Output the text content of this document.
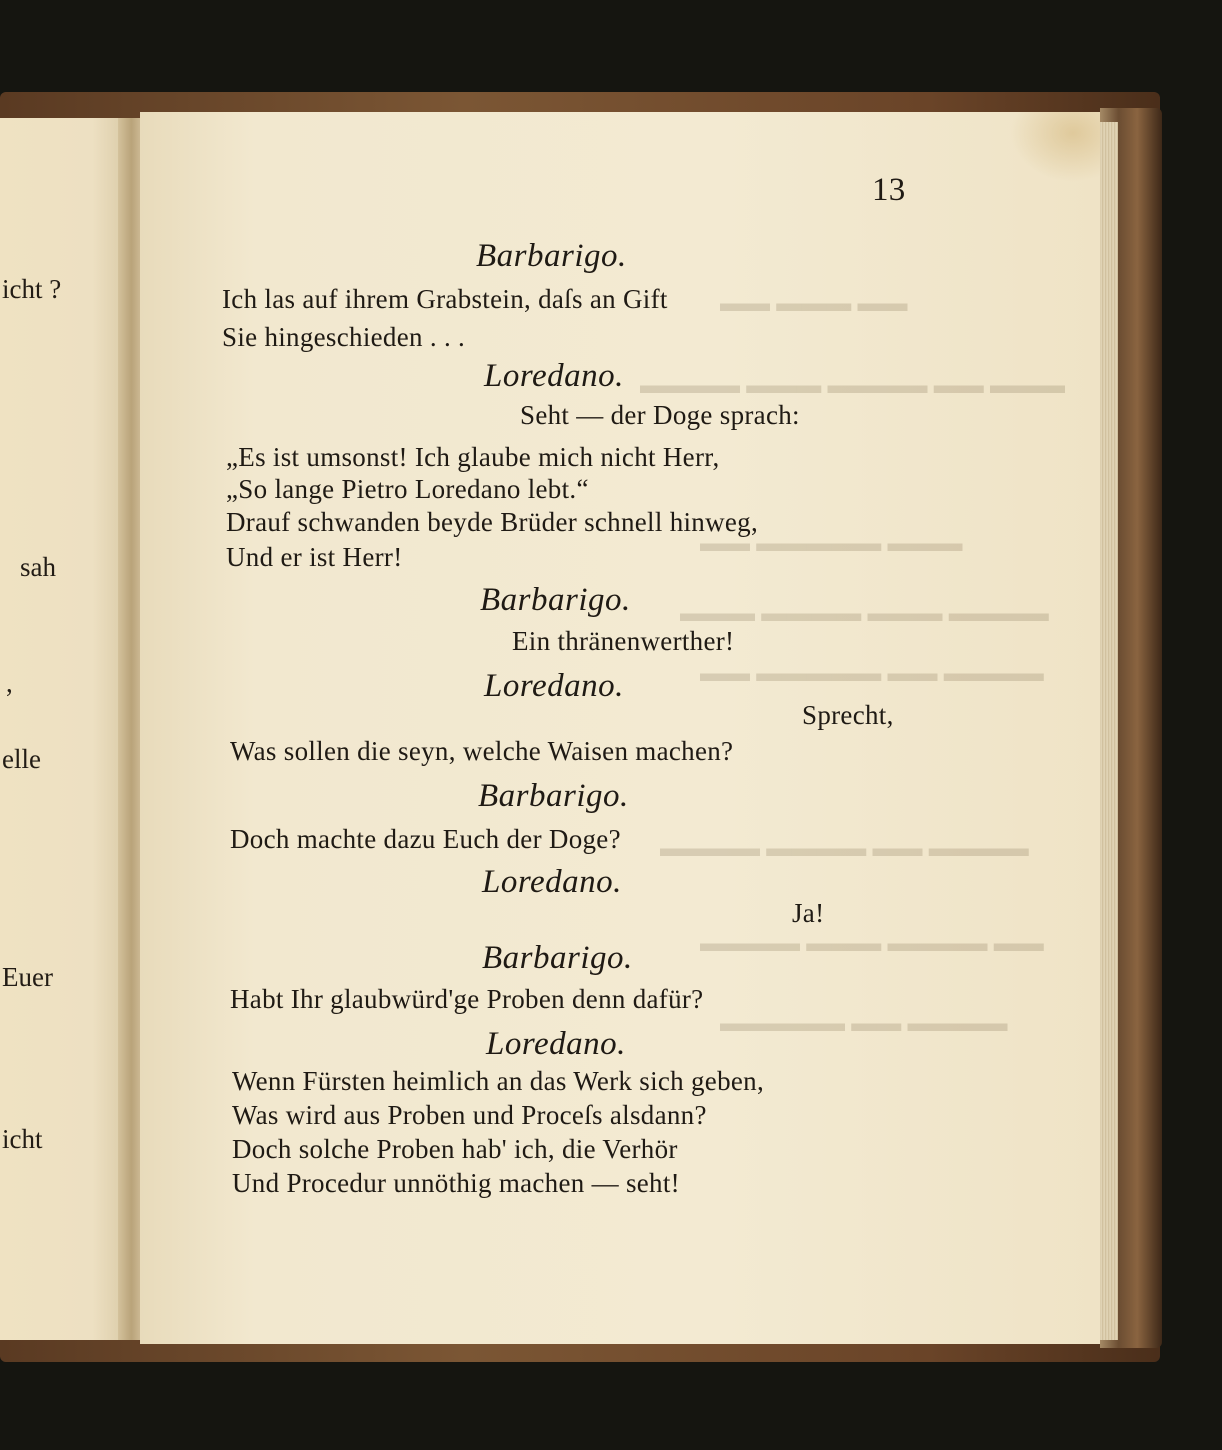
▬▬ ▬▬▬ ▬▬
▬▬▬ ▬▬ ▬▬▬▬ ▬▬▬ ▬▬▬▬
▬▬▬ ▬▬▬▬▬ ▬▬
▬▬▬▬ ▬▬▬ ▬▬▬▬ ▬▬▬
▬▬▬▬ ▬▬ ▬▬▬▬▬ ▬▬
▬▬▬▬ ▬▬ ▬▬▬▬ ▬▬▬▬
▬▬ ▬▬▬▬ ▬▬▬ ▬▬▬▬
▬▬▬▬ ▬▬ ▬▬▬▬▬
icht ?
sah
,
elle
Euer
icht
13
Barbarigo.
Ich las auf ihrem Grabstein, daſs an Gift
Sie hingeschieden . . .
Loredano.
Seht — der Doge sprach:
„Es ist umsonst! Ich glaube mich nicht Herr,
„So lange Pietro Loredano lebt.“
Drauf schwanden beyde Brüder schnell hinweg,
Und er ist Herr!
Barbarigo.
Ein thränenwerther!
Loredano.
Sprecht,
Was sollen die seyn, welche Waisen machen?
Barbarigo.
Doch machte dazu Euch der Doge?
Loredano.
Ja!
Barbarigo.
Habt Ihr glaubwürd'ge Proben denn dafür?
Loredano.
Wenn Fürsten heimlich an das Werk sich geben,
Was wird aus Proben und Proceſs alsdann?
Doch solche Proben hab' ich, die Verhör
Und Procedur unnöthig machen — seht!
